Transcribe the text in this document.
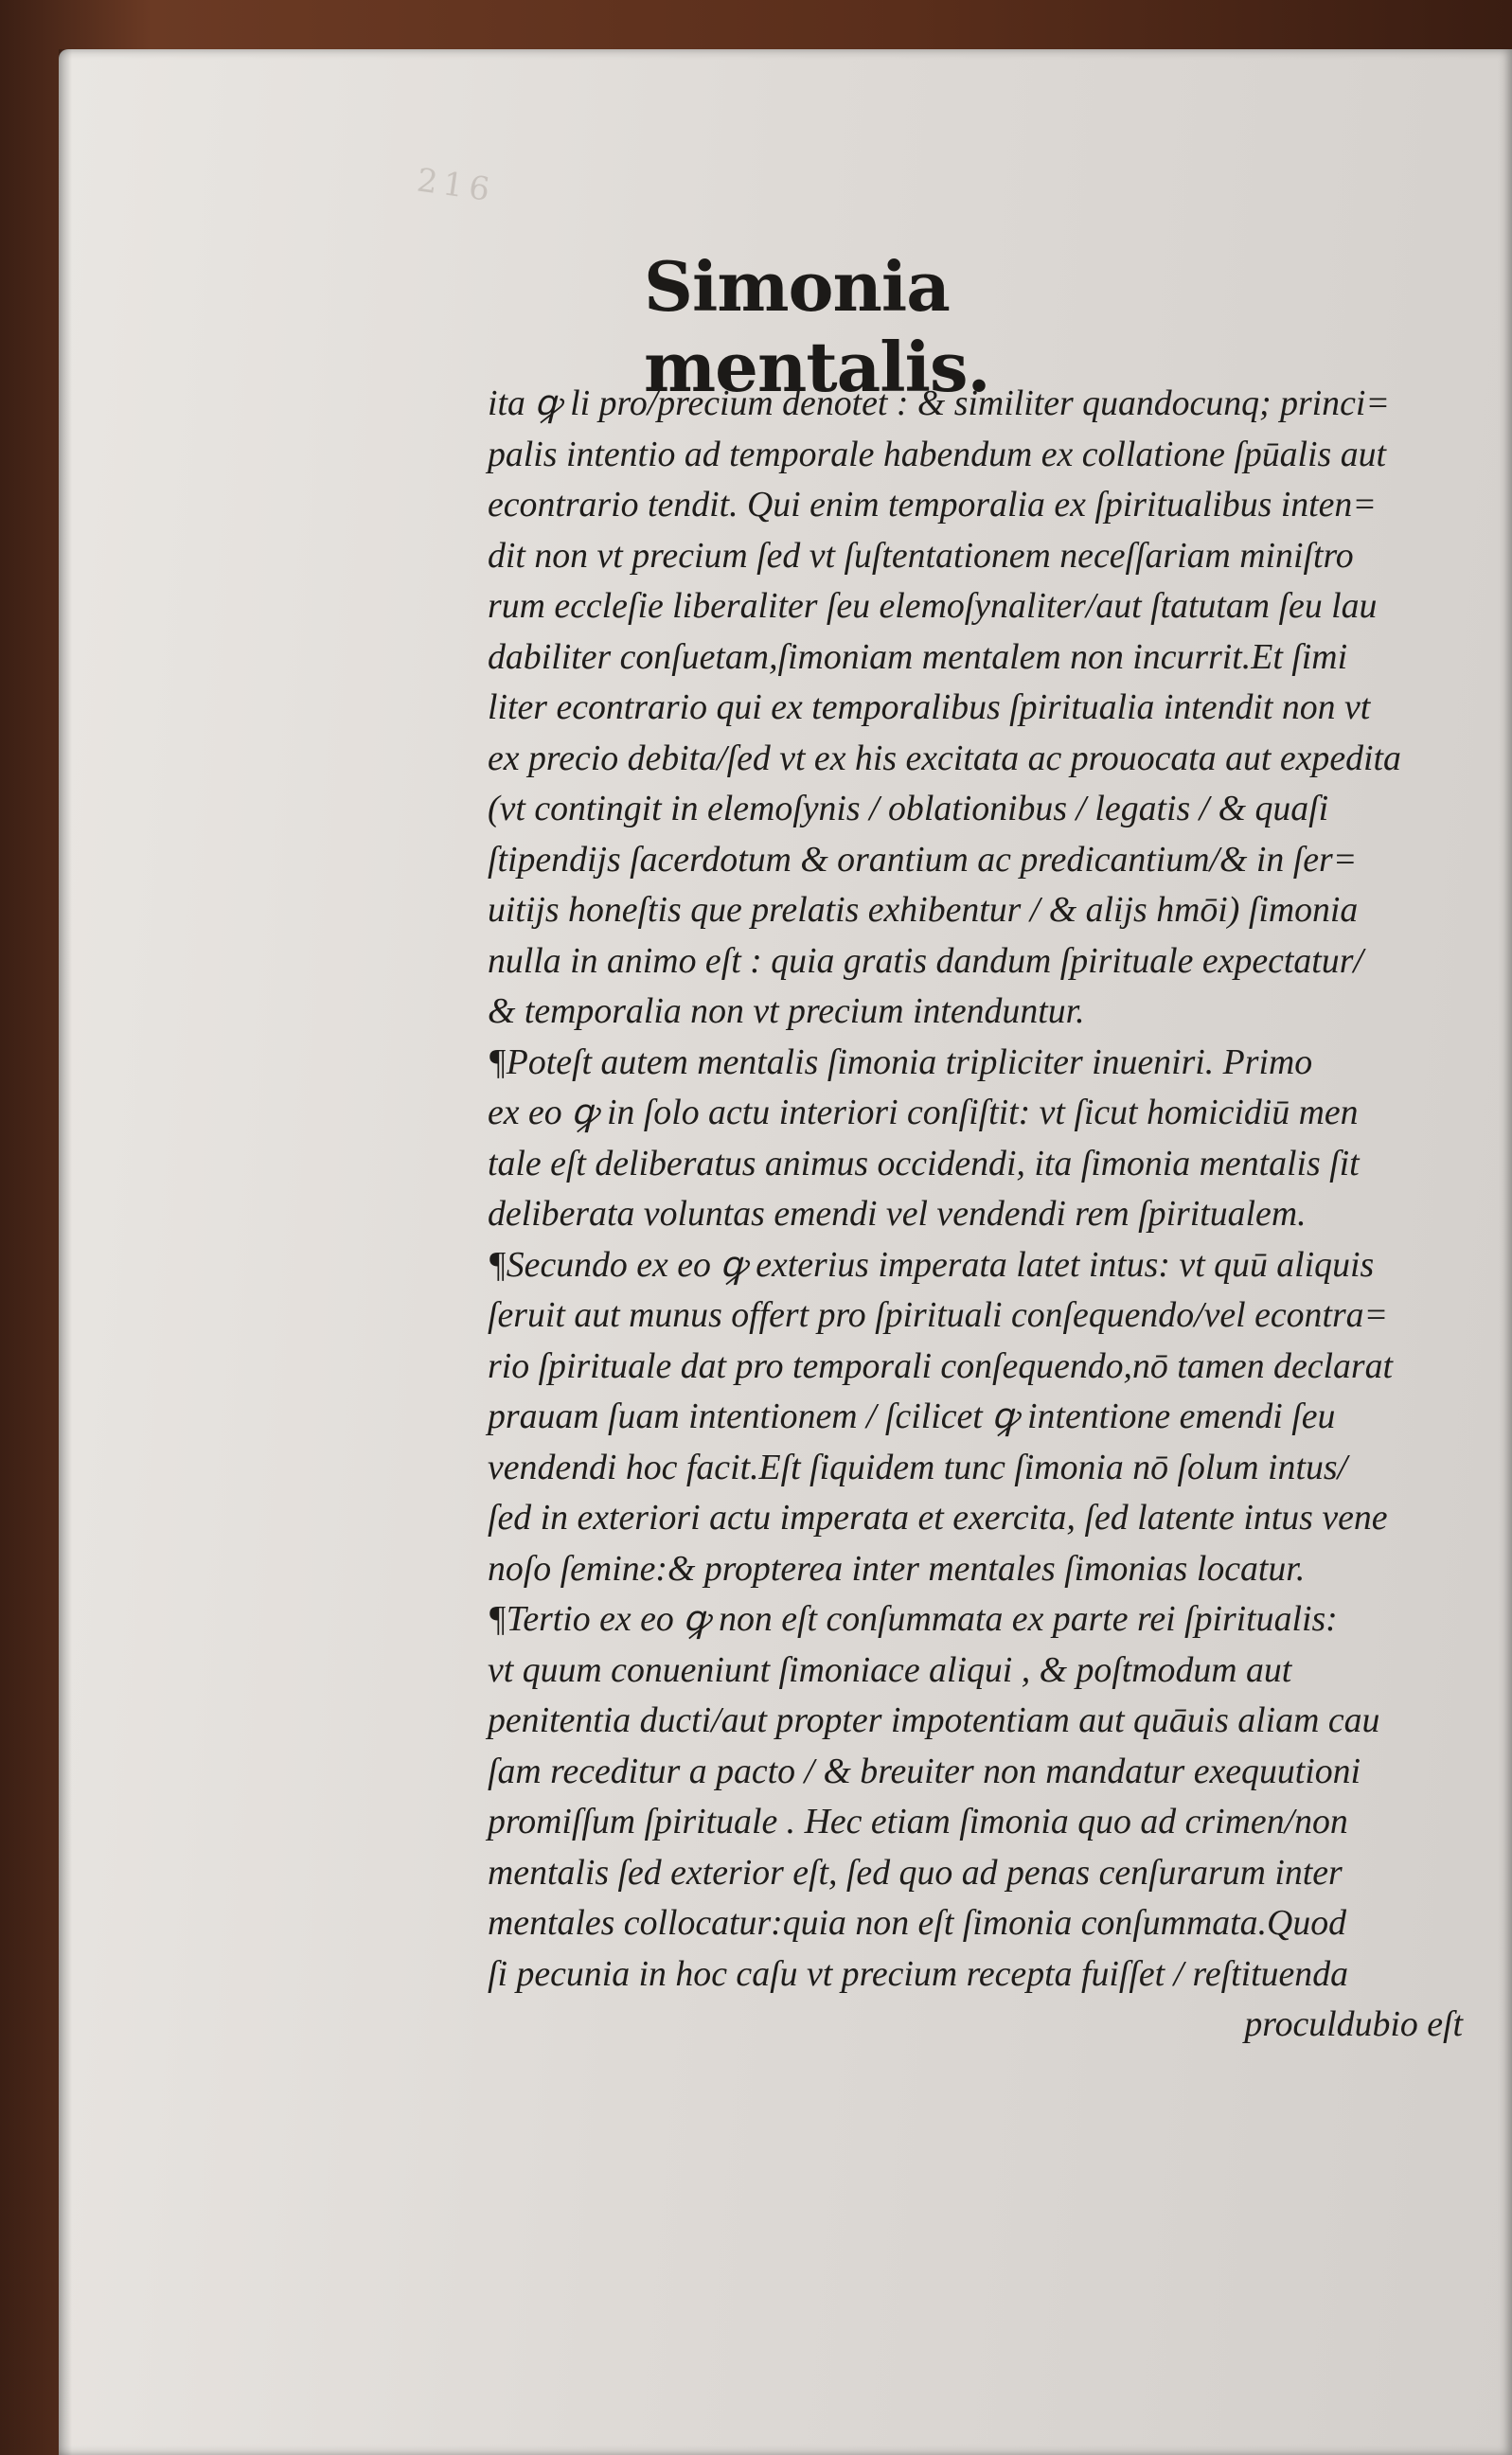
216
Simonia mentalis.
ita ꝙ li pro/precium denotet : & similiter quandocunq; princi=
palis intentio ad temporale habendum ex collatione ſpūalis aut
econtrario tendit. Qui enim temporalia ex ſpiritualibus inten=
dit non vt precium ſed vt ſuſtentationem neceſſariam miniſtro
rum eccleſie liberaliter ſeu elemoſynaliter/aut ſtatutam ſeu lau
dabiliter conſuetam,ſimoniam mentalem non incurrit.Et ſimi
liter econtrario qui ex temporalibus ſpiritualia intendit non vt
ex precio debita/ſed vt ex his excitata ac prouocata aut expedita
(vt contingit in elemoſynis / oblationibus / legatis / & quaſi
ſtipendijs ſacerdotum & orantium ac predicantium/& in ſer=
uitijs honeſtis que prelatis exhibentur / & alijs hmōi) ſimonia
nulla in animo eſt : quia gratis dandum ſpirituale expectatur/
& temporalia non vt precium intenduntur.
¶Poteſt autem mentalis ſimonia tripliciter inueniri. Primo
ex eo ꝙ in ſolo actu interiori conſiſtit: vt ſicut homicidiū men
tale eſt deliberatus animus occidendi, ita ſimonia mentalis ſit
deliberata voluntas emendi vel vendendi rem ſpiritualem.
¶Secundo ex eo ꝙ exterius imperata latet intus: vt quū aliquis
ſeruit aut munus offert pro ſpirituali conſequendo/vel econtra=
rio ſpirituale dat pro temporali conſequendo,nō tamen declarat
prauam ſuam intentionem / ſcilicet ꝙ intentione emendi ſeu
vendendi hoc facit.Eſt ſiquidem tunc ſimonia nō ſolum intus/
ſed in exteriori actu imperata et exercita, ſed latente intus vene
noſo ſemine:& propterea inter mentales ſimonias locatur.
¶Tertio ex eo ꝙ non eſt conſummata ex parte rei ſpiritualis:
vt quum conueniunt ſimoniace aliqui , & poſtmodum aut
penitentia ducti/aut propter impotentiam aut quāuis aliam cau
ſam receditur a pacto / & breuiter non mandatur exequutioni
promiſſum ſpirituale . Hec etiam ſimonia quo ad crimen/non
mentalis ſed exterior eſt, ſed quo ad penas cenſurarum inter
mentales collocatur:quia non eſt ſimonia conſummata.Quod
ſi pecunia in hoc caſu vt precium recepta fuiſſet / reſtituenda
proculdubio eſt
